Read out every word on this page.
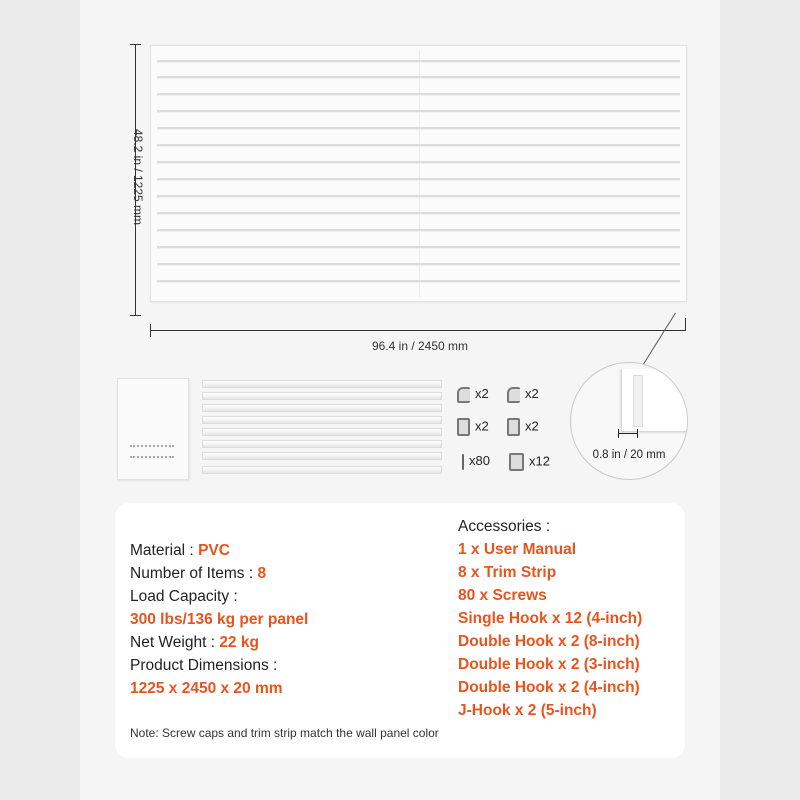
48.2 in / 1225 mm
96.4 in / 2450 mm
x2	x2
x2	x2
x80	x12	0.8 in / 20 mm
Material : PVC
Number of Items : 8
Load Capacity :
300 lbs/136 kg per panel
Net Weight : 22 kg
Product Dimensions :
1225 x 2450 x 20 mm
Accessories :
1 x User Manual
8 x Trim Strip
80 x Screws
Single Hook x 12 (4-inch)
Double Hook x 2 (8-inch)
Double Hook x 2 (3-inch)
Double Hook x 2 (4-inch)
J-Hook x 2 (5-inch)
Note: Screw caps and trim strip match the wall panel color
